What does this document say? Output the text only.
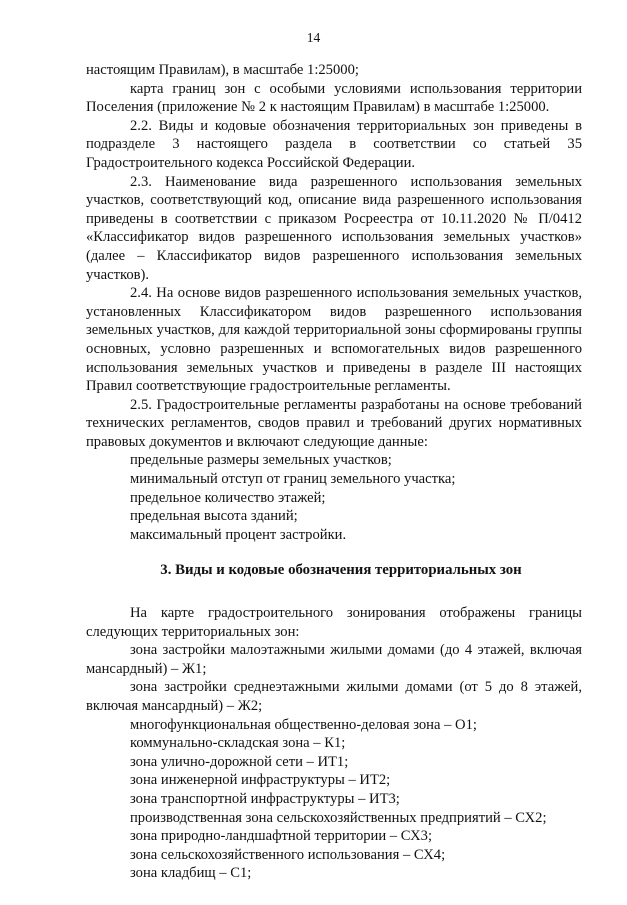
14

настоящим Правилам), в масштабе 1:25000;

карта границ зон с особыми условиями использования территории Поселения (приложение № 2 к настоящим Правилам) в масштабе 1:25000.

2.2. Виды и кодовые обозначения территориальных зон приведены в подразделе 3 настоящего раздела в соответствии со статьей 35 Градостроительного кодекса Российской Федерации.

2.3. Наименование вида разрешенного использования земельных участков, соответствующий код, описание вида разрешенного использования приведены в соответствии с приказом Росреестра от 10.11.2020 № П/0412 «Классификатор видов разрешенного использования земельных участков» (далее – Классификатор видов разрешенного использования земельных участков).

2.4. На основе видов разрешенного использования земельных участков, установленных Классификатором видов разрешенного использования земельных участков, для каждой территориальной зоны сформированы группы основных, условно разрешенных и вспомогательных видов разрешенного использования земельных участков и приведены в разделе III настоящих Правил соответствующие градостроительные регламенты.

2.5. Градостроительные регламенты разработаны на основе требований технических регламентов, сводов правил и требований других нормативных правовых документов и включают следующие данные:

предельные размеры земельных участков;

минимальный отступ от границ земельного участка;

предельное количество этажей;

предельная высота зданий;

максимальный процент застройки.

3. Виды и кодовые обозначения территориальных зон

На карте градостроительного зонирования отображены границы следующих территориальных зон:

зона застройки малоэтажными жилыми домами (до 4 этажей, включая мансардный) – Ж1;

зона застройки среднеэтажными жилыми домами (от 5 до 8 этажей, включая мансардный) – Ж2;

многофункциональная общественно-деловая зона – О1;

коммунально-складская зона – К1;

зона улично-дорожной сети – ИТ1;

зона инженерной инфраструктуры – ИТ2;

зона транспортной инфраструктуры – ИТ3;

производственная зона сельскохозяйственных предприятий – СХ2;

зона природно-ландшафтной территории – СХ3;

зона сельскохозяйственного использования – СХ4;

зона кладбищ – С1;
